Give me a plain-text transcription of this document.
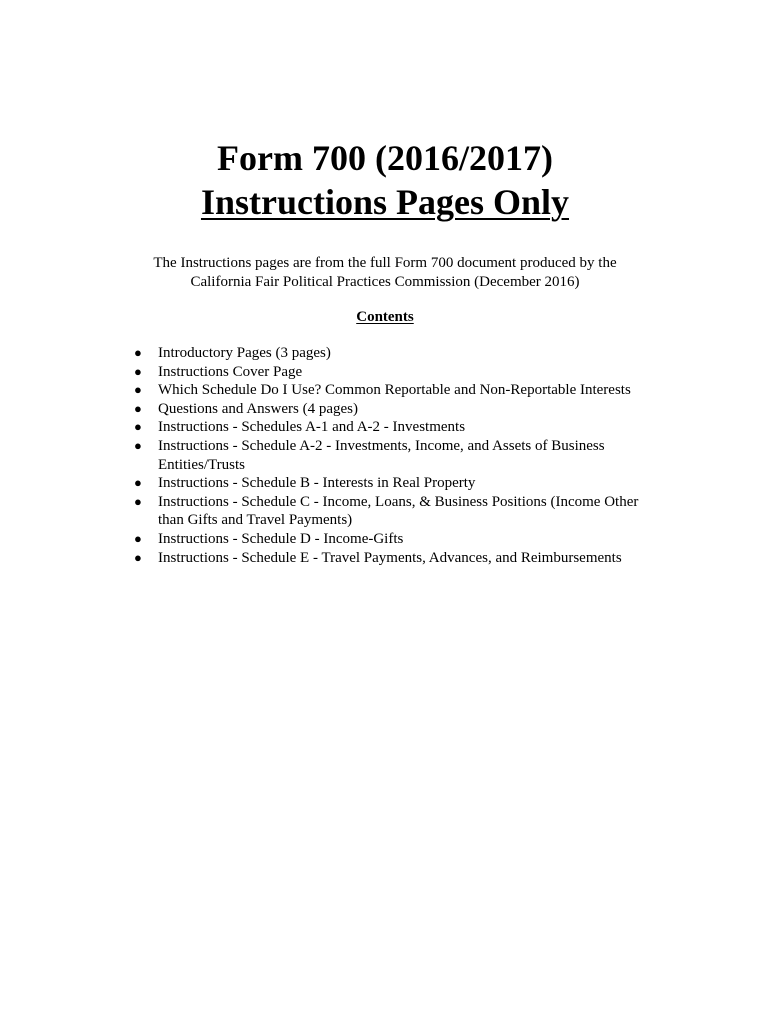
Form 700 (2016/2017)
Instructions Pages Only
The Instructions pages are from the full Form 700 document produced by the
California Fair Political Practices Commission (December 2016)
Contents
● Introductory Pages (3 pages)
● Instructions Cover Page
● Which Schedule Do I Use? Common Reportable and Non-Reportable Interests
● Questions and Answers (4 pages)
● Instructions - Schedules A-1 and A-2 - Investments
● Instructions - Schedule A-2 - Investments, Income, and Assets of Business Entities/Trusts
● Instructions - Schedule B - Interests in Real Property
● Instructions - Schedule C - Income, Loans, & Business Positions (Income Other than Gifts and Travel Payments)
● Instructions - Schedule D - Income-Gifts
● Instructions - Schedule E - Travel Payments, Advances, and Reimbursements
